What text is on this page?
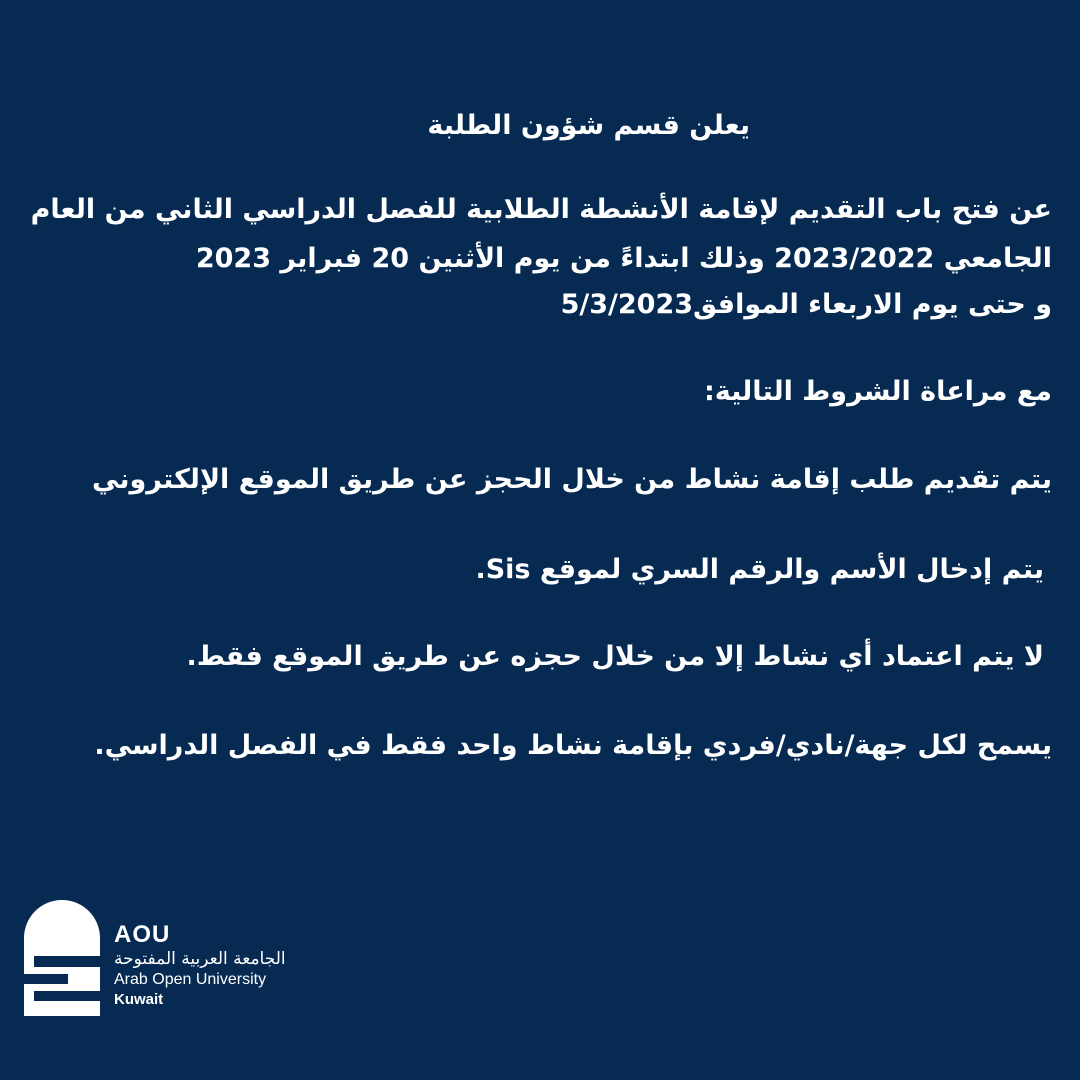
يعلن قسم شؤون الطلبة
عن فتح باب التقديم لإقامة الأنشطة الطلابية للفصل الدراسي الثاني من العام
الجامعي 2023/2022 وذلك ابتداءً من يوم الأثنين 20 فبراير 2023
و حتى يوم الاربعاء الموافق5/3/2023
مع مراعاة الشروط التالية:
يتم تقديم طلب إقامة نشاط من خلال الحجز عن طريق الموقع الإلكتروني
يتم إدخال الأسم والرقم السري لموقع Sis.
لا يتم اعتماد أي نشاط إلا من خلال حجزه عن طريق الموقع فقط.
يسمح لكل جهة/نادي/فردي بإقامة نشاط واحد فقط في الفصل الدراسي.
AOU
الجامعة العربية المفتوحة
Arab Open University
Kuwait
